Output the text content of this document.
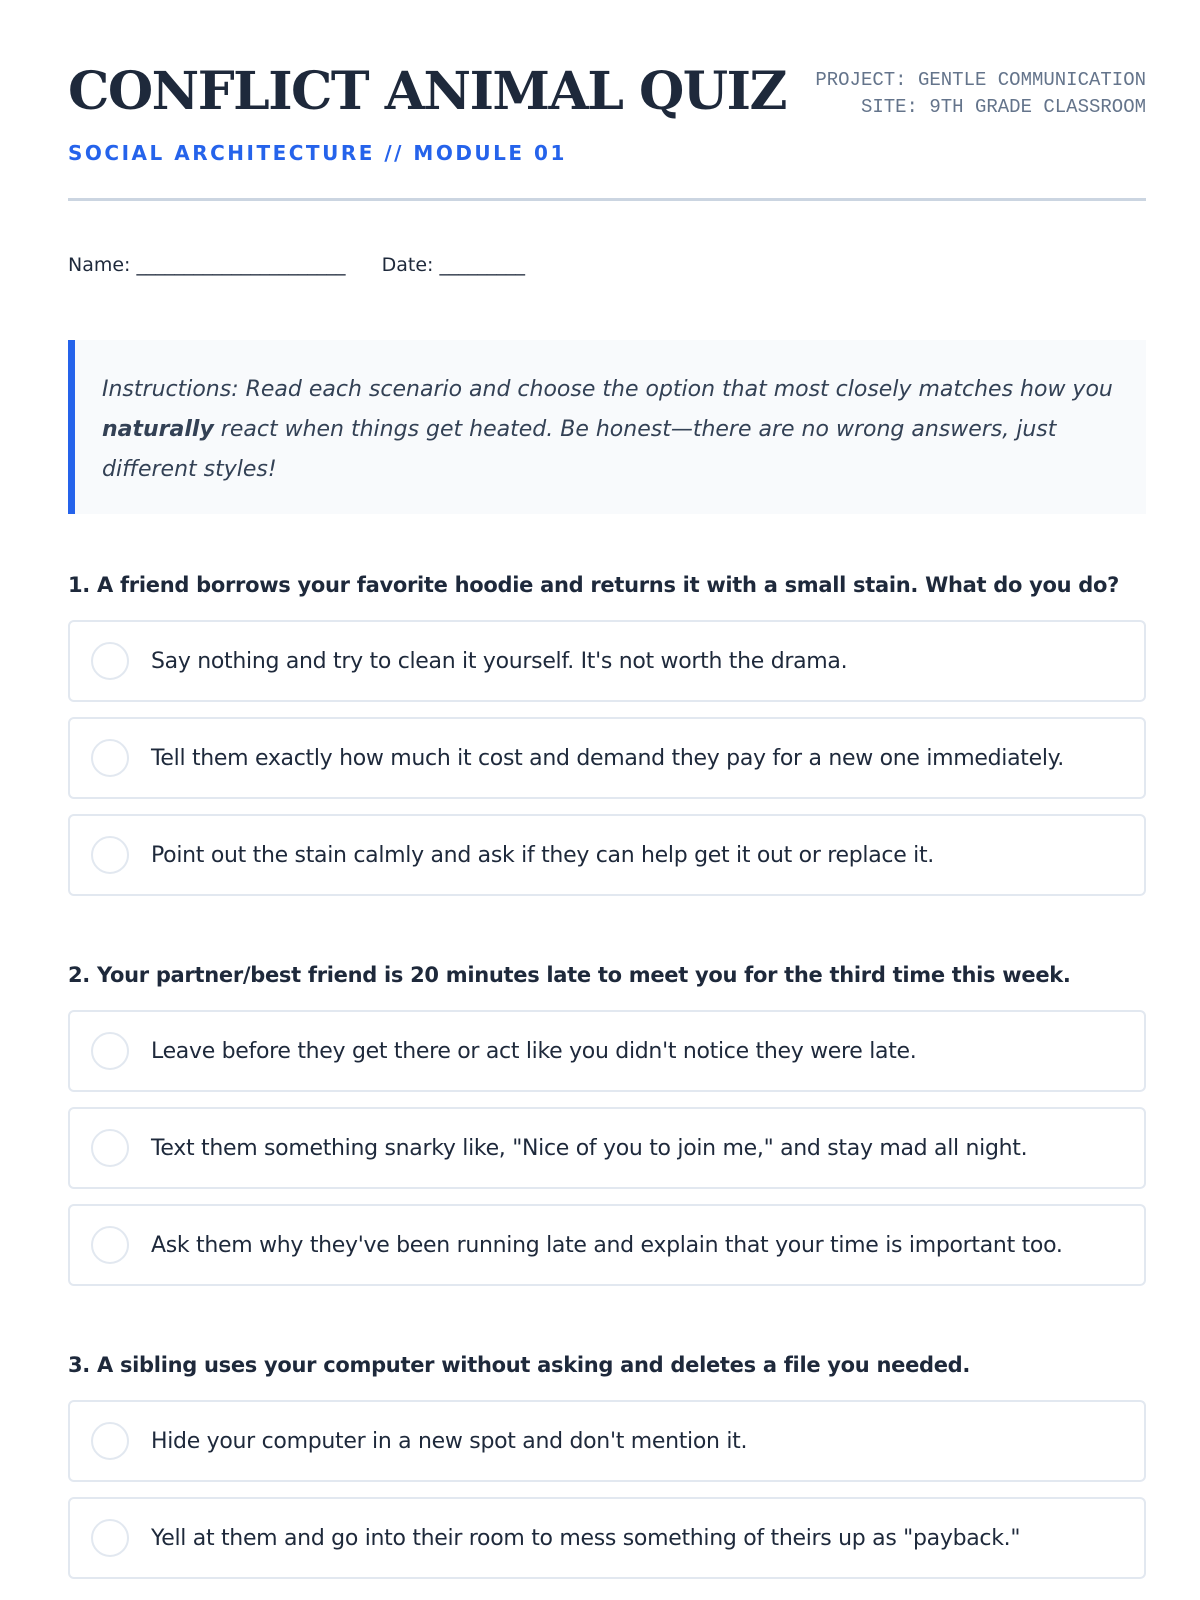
CONFLICT ANIMAL QUIZ
SOCIAL ARCHITECTURE // MODULE 01
PROJECT: GENTLE COMMUNICATION
SITE: 9TH GRADE CLASSROOM
Name: ______________________ Date: _________
Instructions: Read each scenario and choose the option that most closely matches how you naturally react when things get heated. Be honest—there are no wrong answers, just different styles!

1. A friend borrows your favorite hoodie and returns it with a small stain. What do you do?

Say nothing and try to clean it yourself. It's not worth the drama.
Tell them exactly how much it cost and demand they pay for a new one immediately.
Point out the stain calmly and ask if they can help get it out or replace it.

2. Your partner/best friend is 20 minutes late to meet you for the third time this week.

Leave before they get there or act like you didn't notice they were late.
Text them something snarky like, "Nice of you to join me," and stay mad all night.
Ask them why they've been running late and explain that your time is important too.

3. A sibling uses your computer without asking and deletes a file you needed.

Hide your computer in a new spot and don't mention it.
Yell at them and go into their room to mess something of theirs up as "payback."
